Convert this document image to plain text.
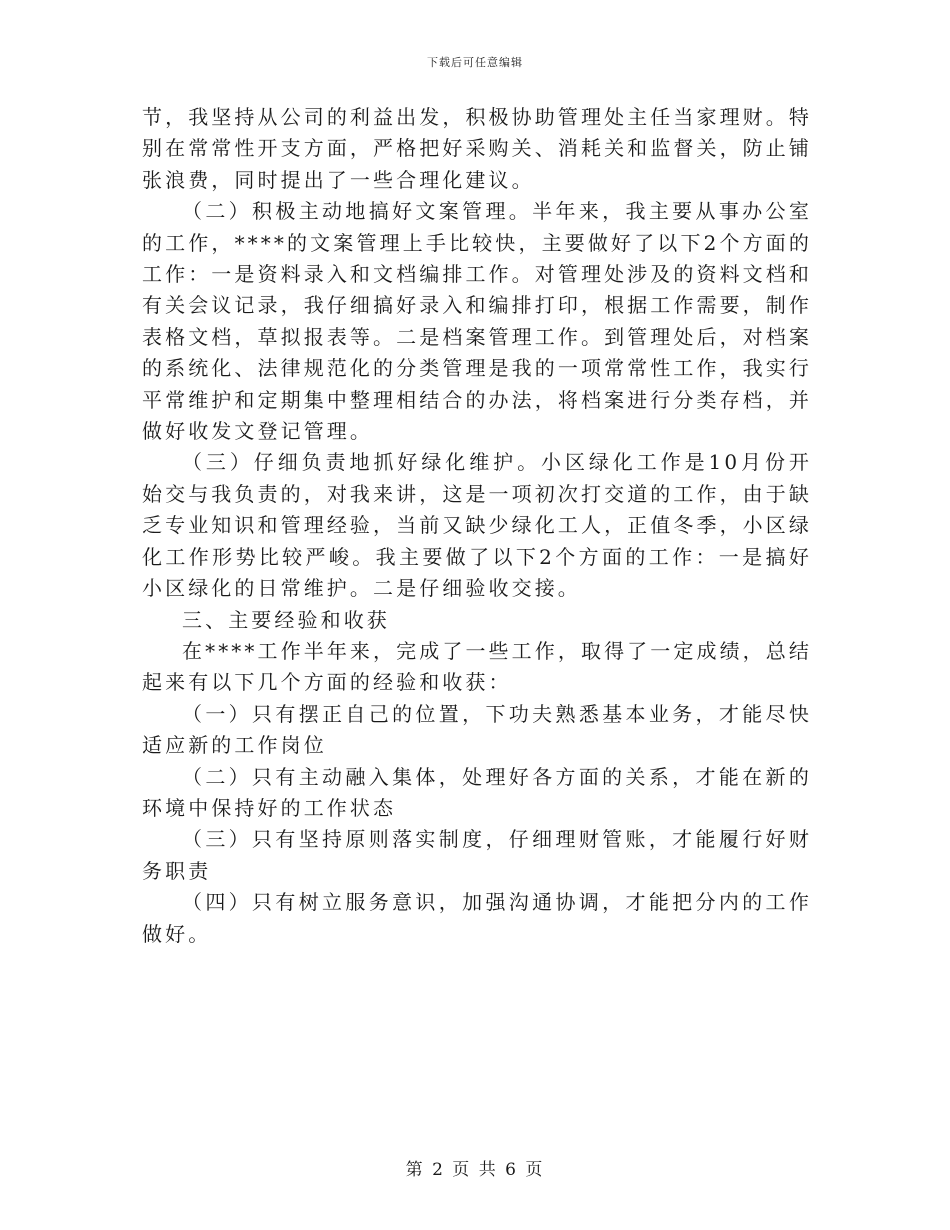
下载后可任意编辑

节，我坚持从公司的利益出发，积极协助管理处主任当家理财。特别在常常性开支方面，严格把好采购关、消耗关和监督关，防止铺张浪费，同时提出了一些合理化建议。

（二）积极主动地搞好文案管理。半年来，我主要从事办公室的工作，****的文案管理上手比较快，主要做好了以下2个方面的工作：一是资料录入和文档编排工作。对管理处涉及的资料文档和有关会议记录，我仔细搞好录入和编排打印，根据工作需要，制作表格文档，草拟报表等。二是档案管理工作。到管理处后，对档案的系统化、法律规范化的分类管理是我的一项常常性工作，我实行平常维护和定期集中整理相结合的办法，将档案进行分类存档，并做好收发文登记管理。

（三）仔细负责地抓好绿化维护。小区绿化工作是10月份开始交与我负责的，对我来讲，这是一项初次打交道的工作，由于缺乏专业知识和管理经验，当前又缺少绿化工人，正值冬季，小区绿化工作形势比较严峻。我主要做了以下2个方面的工作：一是搞好小区绿化的日常维护。二是仔细验收交接。

三、主要经验和收获

在****工作半年来，完成了一些工作，取得了一定成绩，总结起来有以下几个方面的经验和收获：

（一）只有摆正自己的位置，下功夫熟悉基本业务，才能尽快适应新的工作岗位

（二）只有主动融入集体，处理好各方面的关系，才能在新的环境中保持好的工作状态

（三）只有坚持原则落实制度，仔细理财管账，才能履行好财务职责

（四）只有树立服务意识，加强沟通协调，才能把分内的工作做好。

第 2 页 共 6 页
